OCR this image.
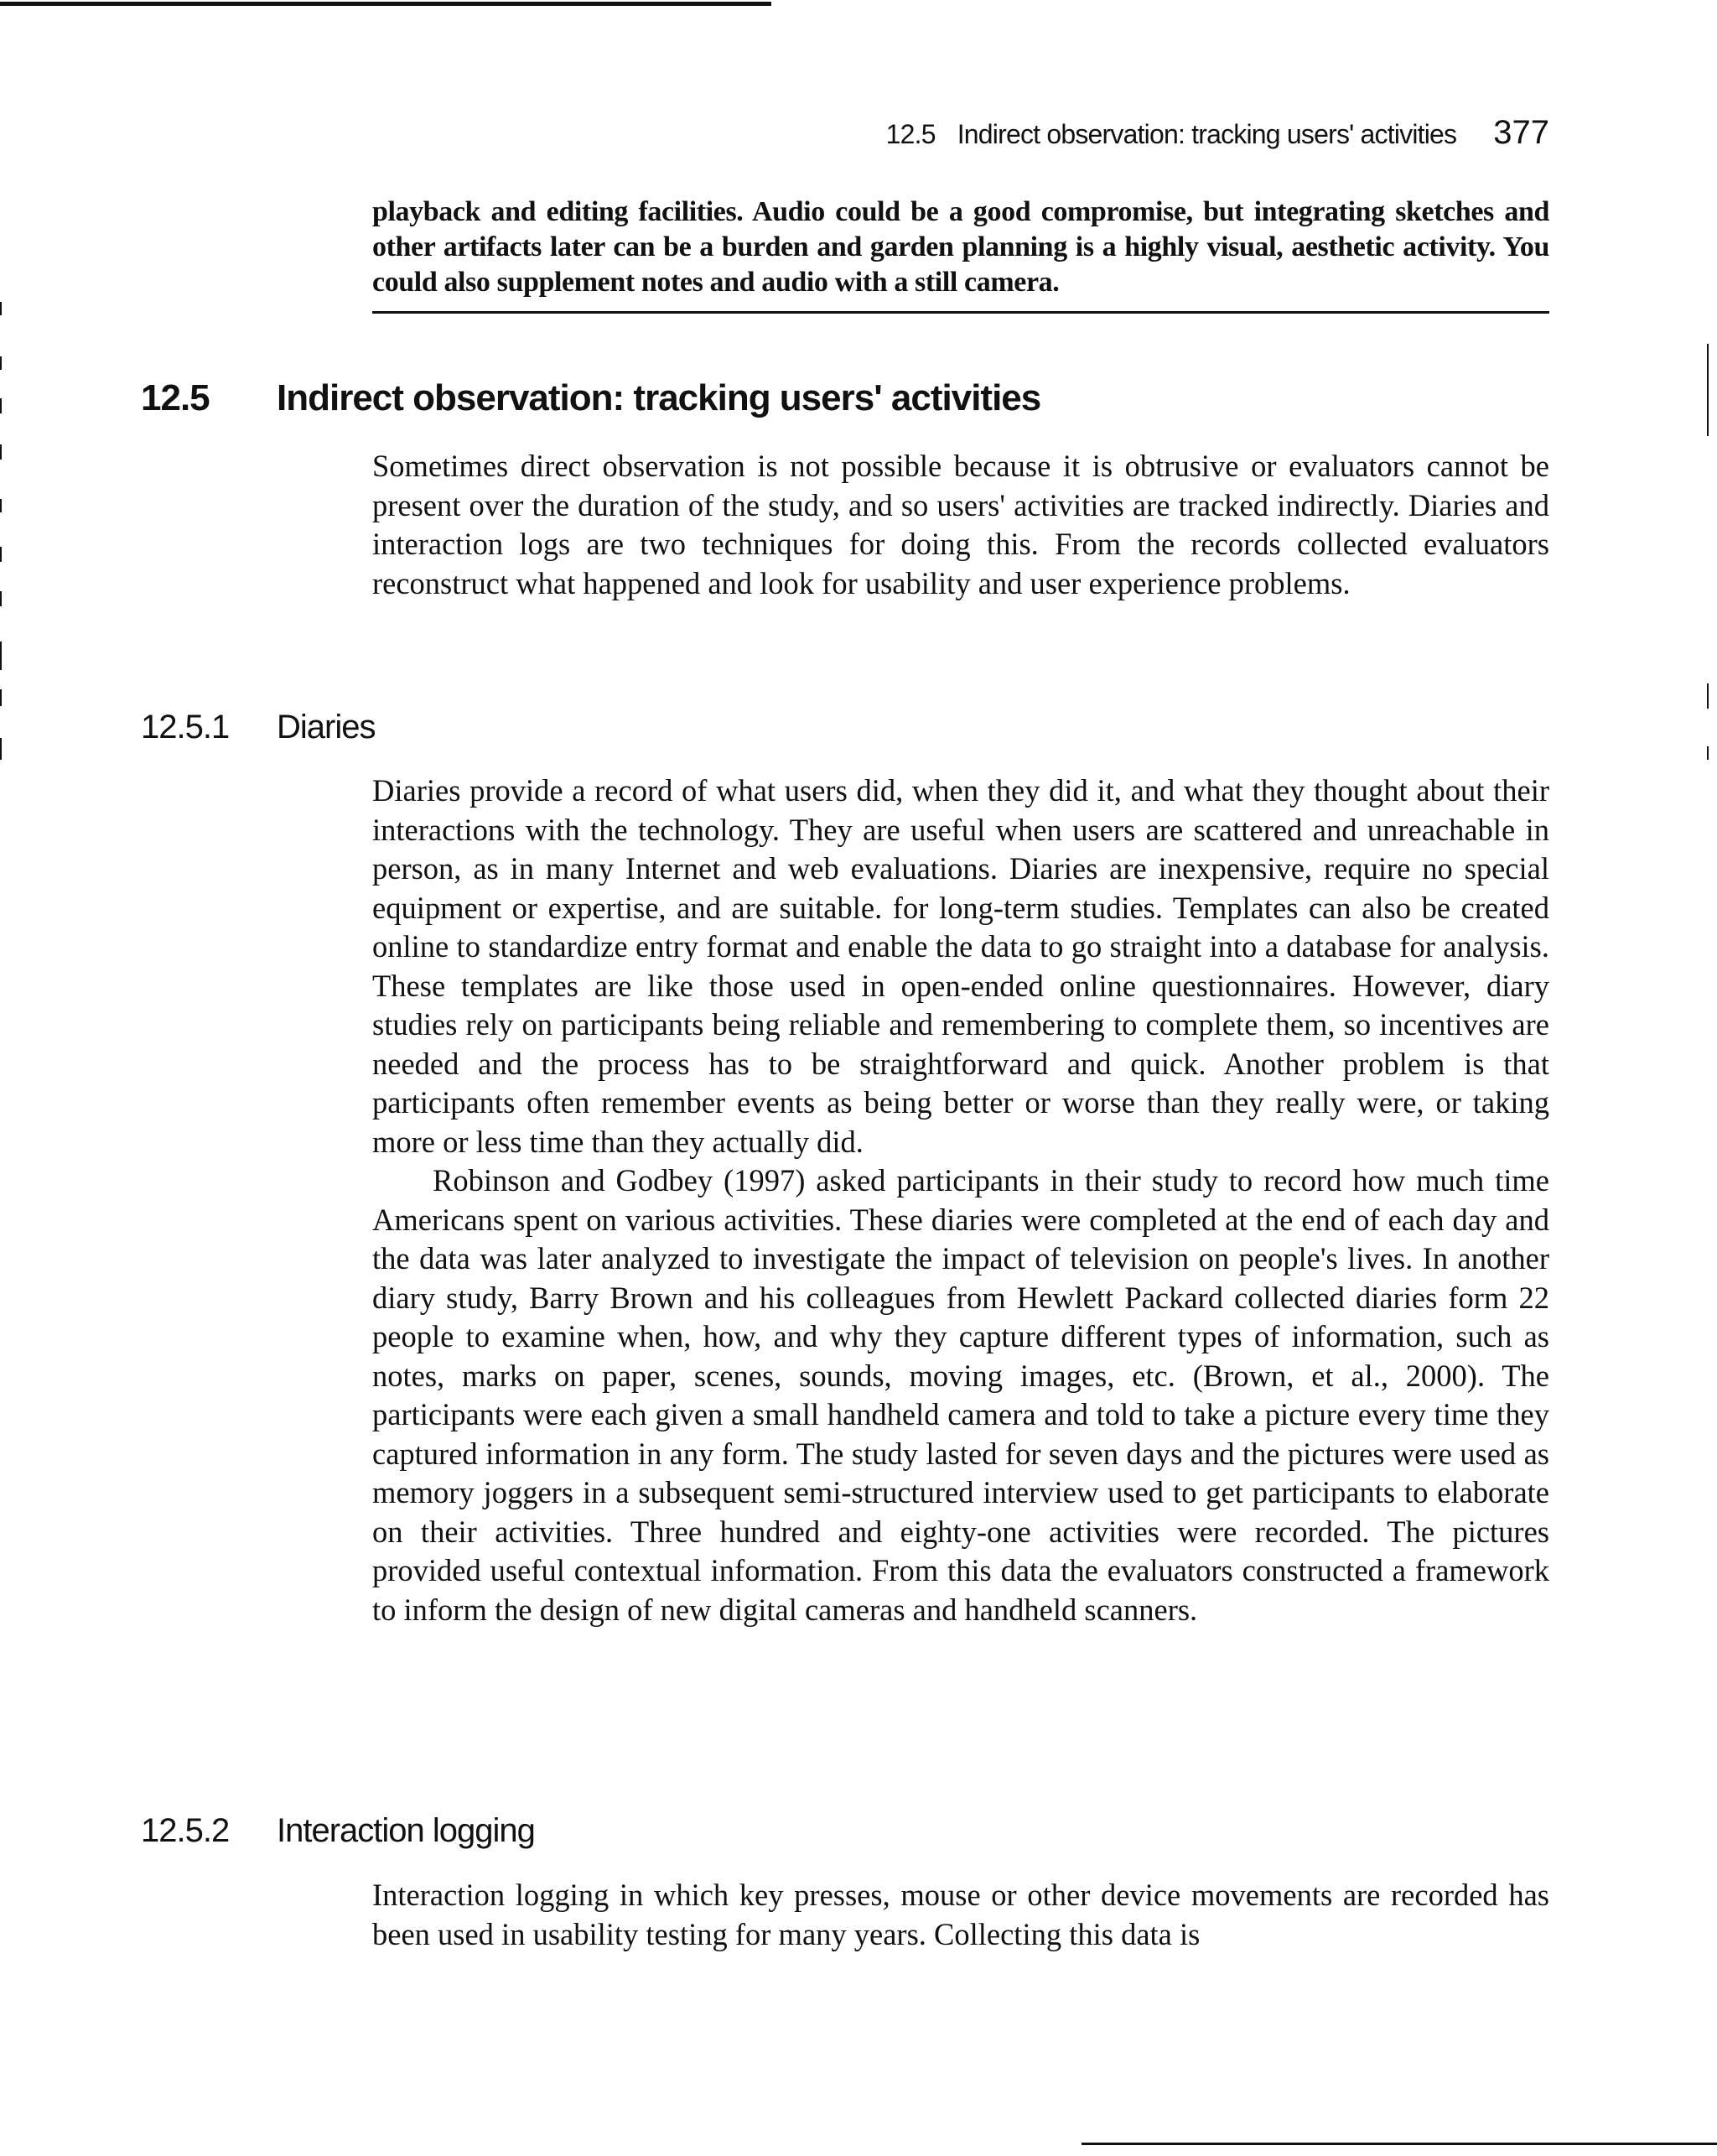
12.5 Indirect observation: tracking users' activities 377
playback and editing facilities. Audio could be a good compromise, but integrating sketches and other artifacts later can be a burden and garden planning is a highly visual, aesthetic activity. You could also supplement notes and audio with a still camera.
12.5 Indirect observation: tracking users' activities

Sometimes direct observation is not possible because it is obtrusive or evaluators cannot be present over the duration of the study, and so users' activities are tracked indirectly. Diaries and interaction logs are two techniques for doing this. From the records collected evaluators reconstruct what happened and look for usability and user experience problems.

12.5.1 Diaries

Diaries provide a record of what users did, when they did it, and what they thought about their interactions with the technology. They are useful when users are scattered and unreachable in person, as in many Internet and web evaluations. Diaries are inexpensive, require no special equipment or expertise, and are suitable. for long-term studies. Templates can also be created online to standardize entry format and enable the data to go straight into a database for analysis. These templates are like those used in open-ended online questionnaires. However, diary studies rely on participants being reliable and remembering to complete them, so incentives are needed and the process has to be straightforward and quick. Another problem is that participants often remember events as being better or worse than they really were, or taking more or less time than they actually did.

Robinson and Godbey (1997) asked participants in their study to record how much time Americans spent on various activities. These diaries were completed at the end of each day and the data was later analyzed to investigate the impact of television on people's lives. In another diary study, Barry Brown and his colleagues from Hewlett Packard collected diaries form 22 people to examine when, how, and why they capture different types of information, such as notes, marks on paper, scenes, sounds, moving images, etc. (Brown, et al., 2000). The participants were each given a small handheld camera and told to take a picture every time they captured information in any form. The study lasted for seven days and the pictures were used as memory joggers in a subsequent semi-structured interview used to get participants to elaborate on their activities. Three hundred and eighty-one activities were recorded. The pictures provided useful contextual information. From this data the evaluators constructed a framework to inform the design of new digital cameras and handheld scanners.

12.5.2 Interaction logging

Interaction logging in which key presses, mouse or other device movements are recorded has been used in usability testing for many years. Collecting this data is
